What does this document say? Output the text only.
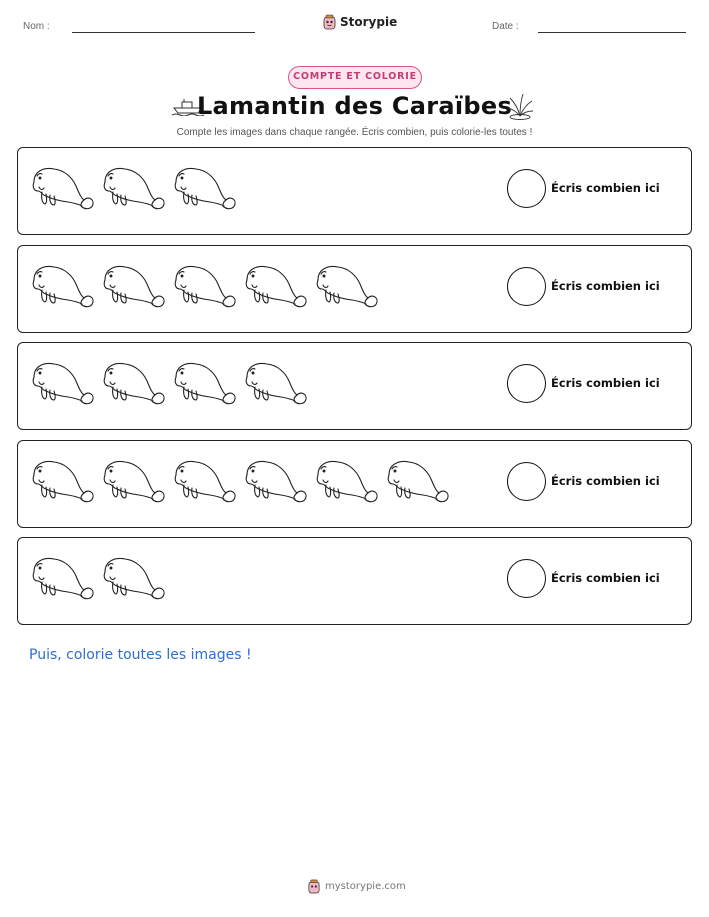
Nom :	Storypie	Date :
COMPTE ET COLORIE
Lamantin des Caraïbes
Compte les images dans chaque rangée. Écris combien, puis colorie-les toutes !
Écris combien ici
Écris combien ici
Écris combien ici
Écris combien ici
Écris combien ici
Puis, colorie toutes les images !
mystorypie.com
